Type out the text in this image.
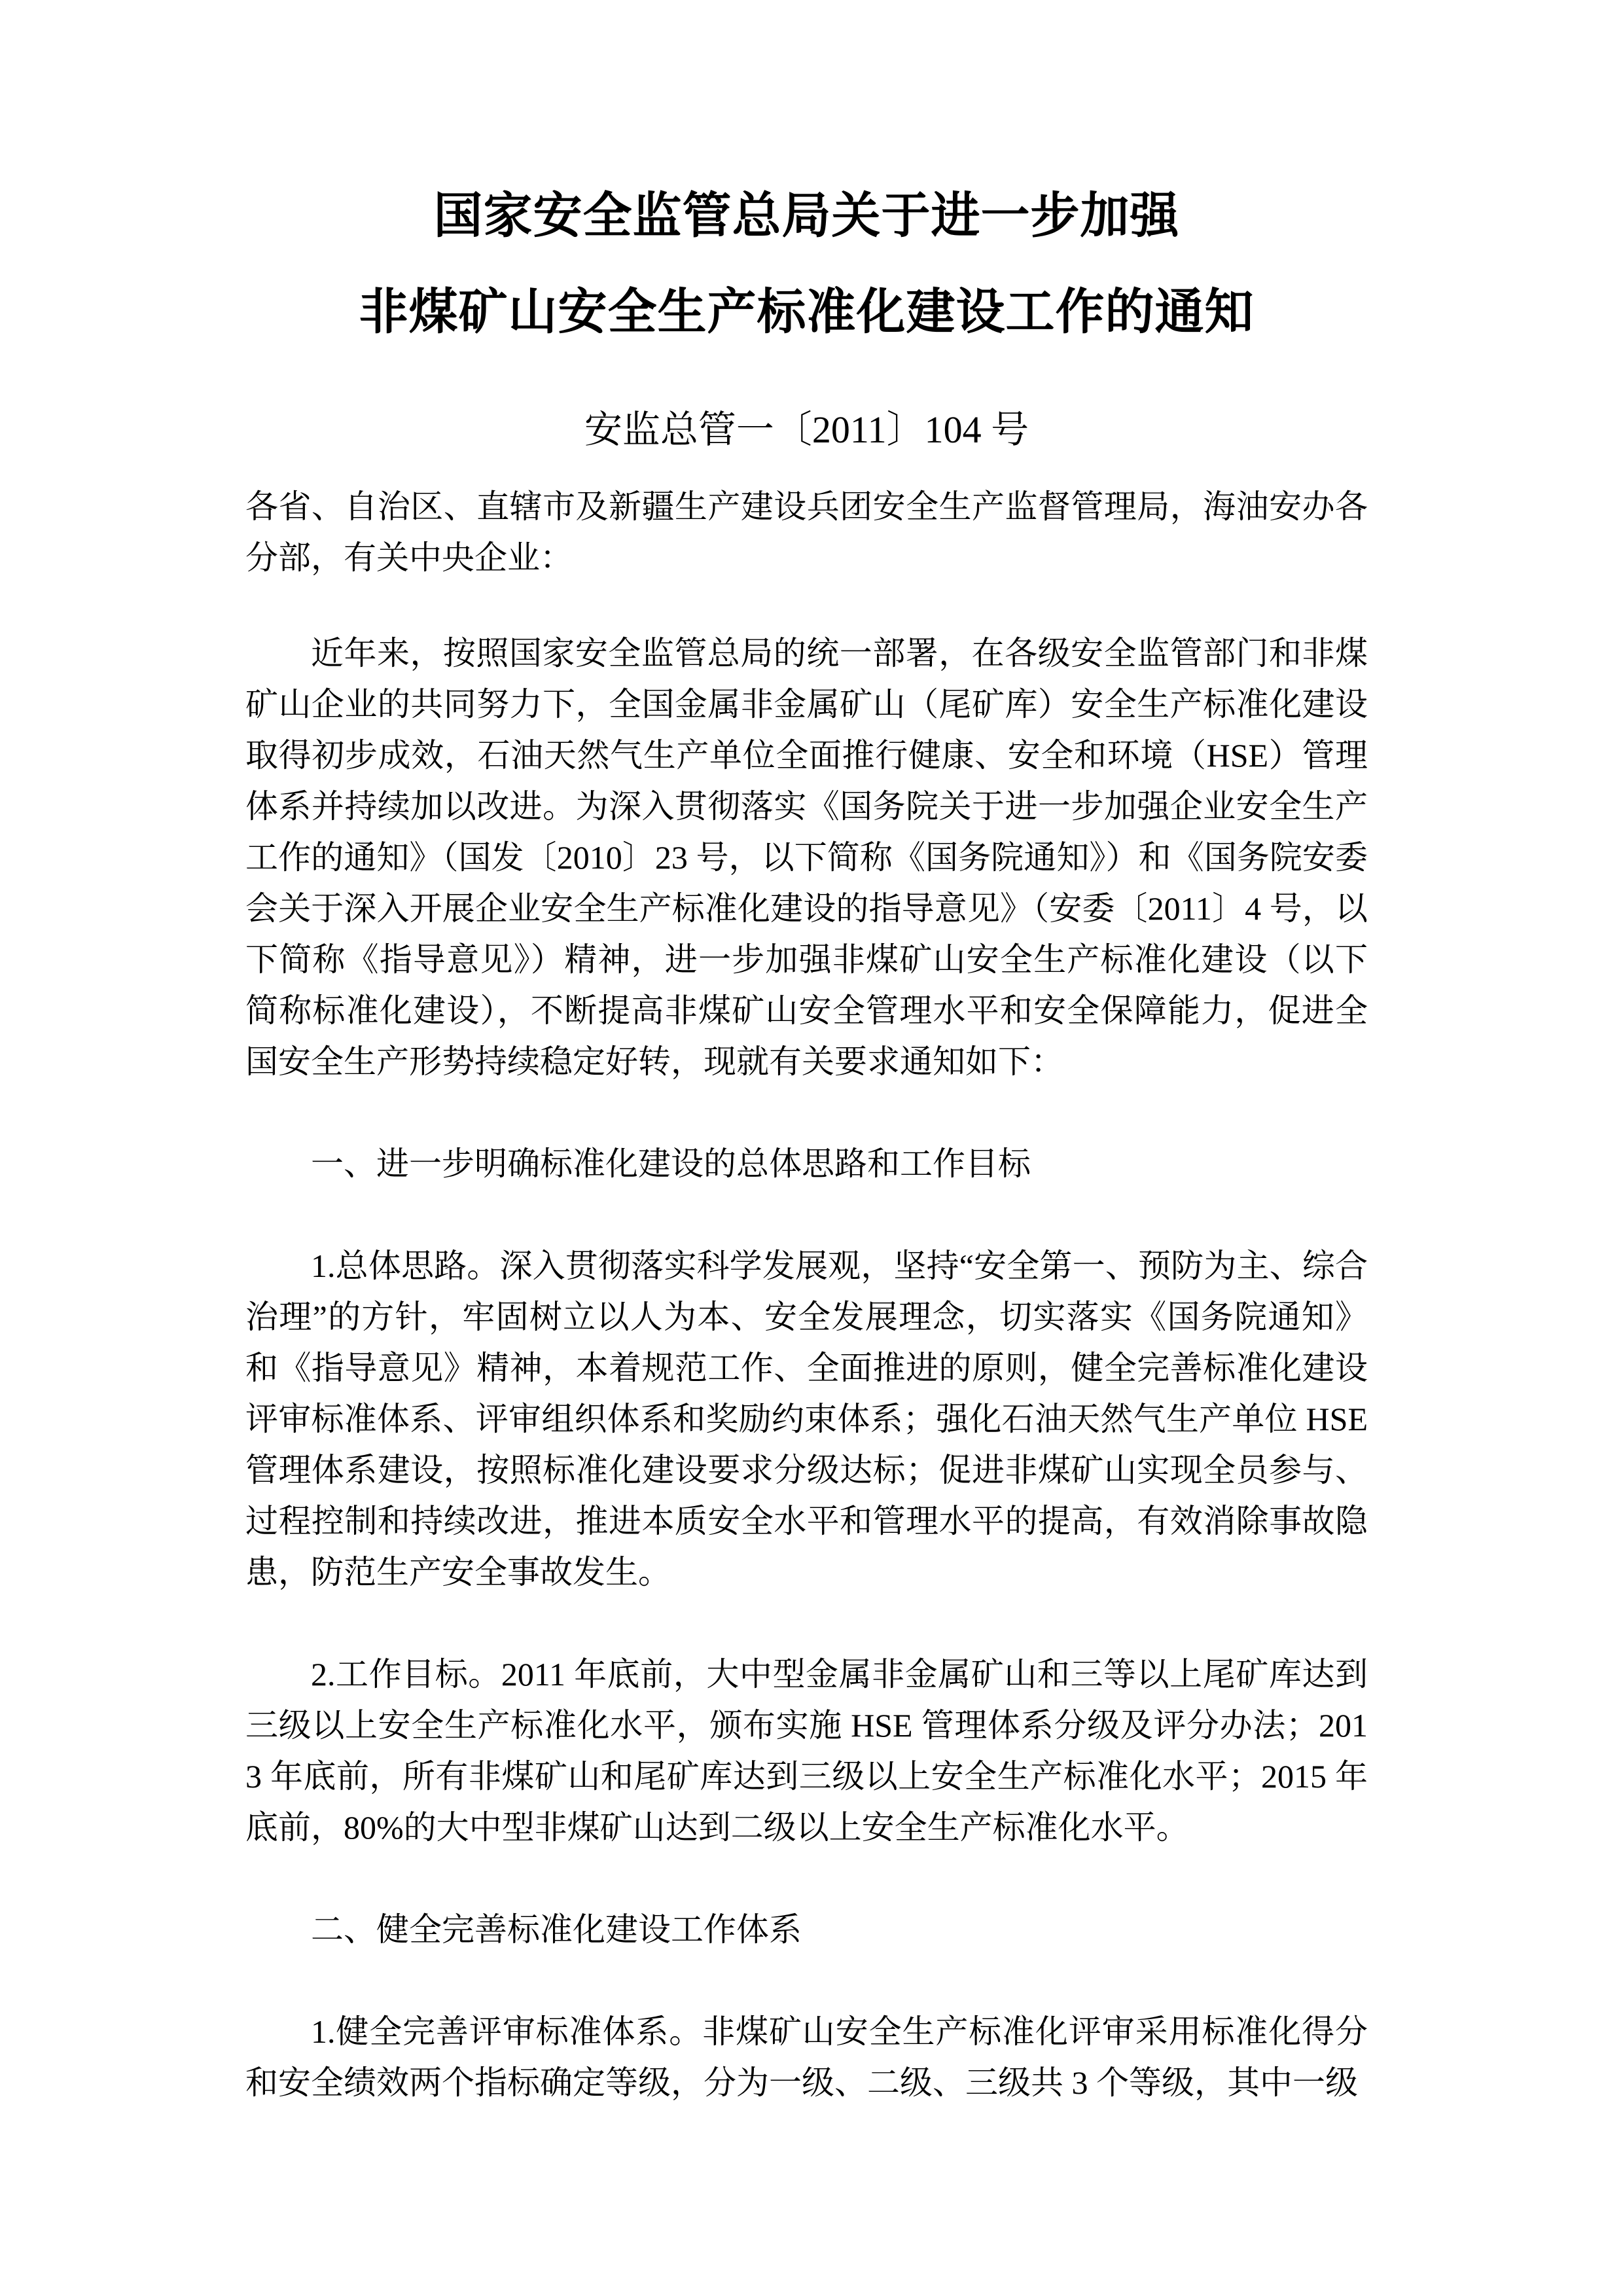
国家安全监管总局关于进一步加强
非煤矿山安全生产标准化建设工作的通知

安监总管一〔2011〕104 号

各省、自治区、直辖市及新疆生产建设兵团安全生产监督管理局，海油安办各分部，有关中央企业：

近年来，按照国家安全监管总局的统一部署，在各级安全监管部门和非煤矿山企业的共同努力下，全国金属非金属矿山（尾矿库）安全生产标准化建设取得初步成效，石油天然气生产单位全面推行健康、安全和环境（HSE）管理体系并持续加以改进。为深入贯彻落实《国务院关于进一步加强企业安全生产工作的通知》（国发〔2010〕23 号，以下简称《国务院通知》）和《国务院安委会关于深入开展企业安全生产标准化建设的指导意见》（安委〔2011〕4 号，以下简称《指导意见》）精神，进一步加强非煤矿山安全生产标准化建设（以下简称标准化建设），不断提高非煤矿山安全管理水平和安全保障能力，促进全国安全生产形势持续稳定好转，现就有关要求通知如下：

一、进一步明确标准化建设的总体思路和工作目标

1.总体思路。深入贯彻落实科学发展观，坚持“安全第一、预防为主、综合治理”的方针，牢固树立以人为本、安全发展理念，切实落实《国务院通知》和《指导意见》精神，本着规范工作、全面推进的原则，健全完善标准化建设评审标准体系、评审组织体系和奖励约束体系；强化石油天然气生产单位 HSE 管理体系建设，按照标准化建设要求分级达标；促进非煤矿山实现全员参与、过程控制和持续改进，推进本质安全水平和管理水平的提高，有效消除事故隐患，防范生产安全事故发生。

2.工作目标。2011 年底前，大中型金属非金属矿山和三等以上尾矿库达到三级以上安全生产标准化水平，颁布实施 HSE 管理体系分级及评分办法；2013 年底前，所有非煤矿山和尾矿库达到三级以上安全生产标准化水平；2015 年底前，80%的大中型非煤矿山达到二级以上安全生产标准化水平。

二、健全完善标准化建设工作体系

1.健全完善评审标准体系。非煤矿山安全生产标准化评审采用标准化得分和安全绩效两个指标确定等级，分为一级、二级、三级共 3 个等级，其中一级
